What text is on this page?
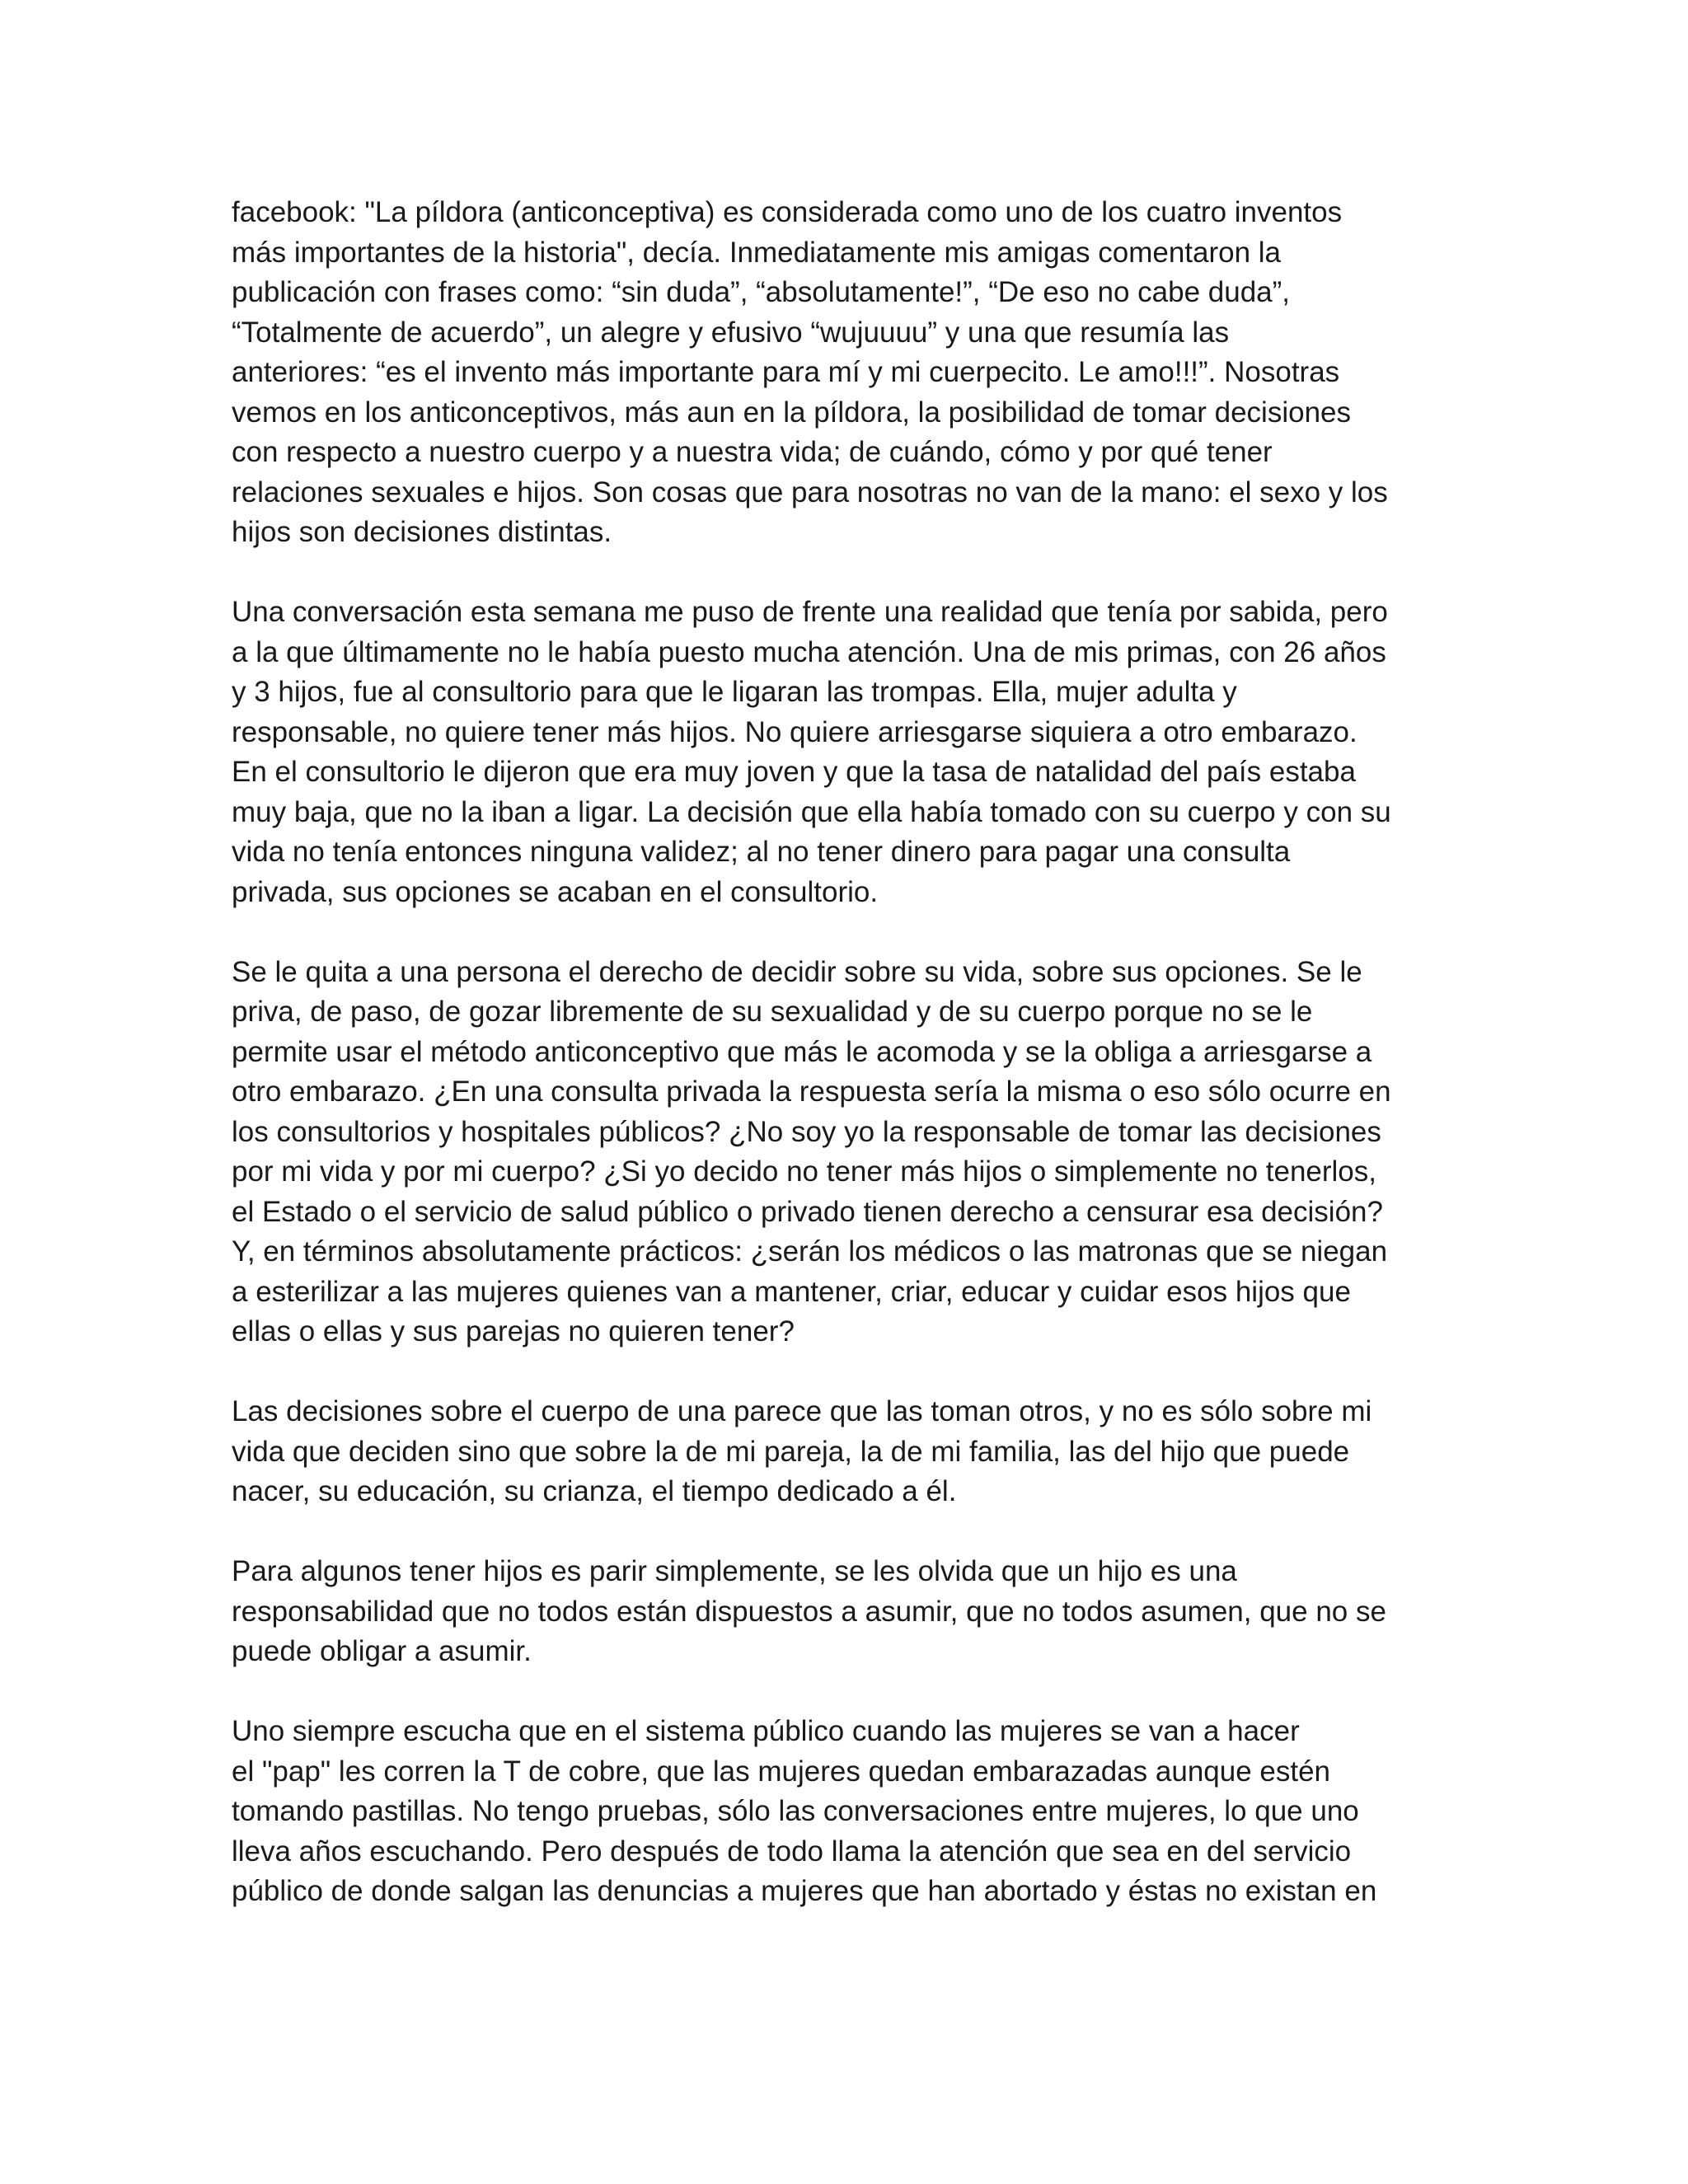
facebook: "La píldora (anticonceptiva) es considerada como uno de los cuatro inventos
más importantes de la historia", decía. Inmediatamente mis amigas comentaron la
publicación con frases como: “sin duda”, “absolutamente!”, “De eso no cabe duda”,
“Totalmente de acuerdo”, un alegre y efusivo “wujuuuu” y una que resumía las
anteriores: “es el invento más importante para mí y mi cuerpecito. Le amo!!!”. Nosotras
vemos en los anticonceptivos, más aun en la píldora, la posibilidad de tomar decisiones
con respecto a nuestro cuerpo y a nuestra vida; de cuándo, cómo y por qué tener
relaciones sexuales e hijos. Son cosas que para nosotras no van de la mano: el sexo y los
hijos son decisiones distintas.

Una conversación esta semana me puso de frente una realidad que tenía por sabida, pero
a la que últimamente no le había puesto mucha atención. Una de mis primas, con 26 años
y 3 hijos, fue al consultorio para que le ligaran las trompas. Ella, mujer adulta y
responsable, no quiere tener más hijos. No quiere arriesgarse siquiera a otro embarazo.
En el consultorio le dijeron que era muy joven y que la tasa de natalidad del país estaba
muy baja, que no la iban a ligar. La decisión que ella había tomado con su cuerpo y con su
vida no tenía entonces ninguna validez; al no tener dinero para pagar una consulta
privada, sus opciones se acaban en el consultorio.

Se le quita a una persona el derecho de decidir sobre su vida, sobre sus opciones. Se le
priva, de paso, de gozar libremente de su sexualidad y de su cuerpo porque no se le
permite usar el método anticonceptivo que más le acomoda y se la obliga a arriesgarse a
otro embarazo. ¿En una consulta privada la respuesta sería la misma o eso sólo ocurre en
los consultorios y hospitales públicos? ¿No soy yo la responsable de tomar las decisiones
por mi vida y por mi cuerpo? ¿Si yo decido no tener más hijos o simplemente no tenerlos,
el Estado o el servicio de salud público o privado tienen derecho a censurar esa decisión?
Y, en términos absolutamente prácticos: ¿serán los médicos o las matronas que se niegan
a esterilizar a las mujeres quienes van a mantener, criar, educar y cuidar esos hijos que
ellas o ellas y sus parejas no quieren tener?

Las decisiones sobre el cuerpo de una parece que las toman otros, y no es sólo sobre mi
vida que deciden sino que sobre la de mi pareja, la de mi familia, las del hijo que puede
nacer, su educación, su crianza, el tiempo dedicado a él.

Para algunos tener hijos es parir simplemente, se les olvida que un hijo es una
responsabilidad que no todos están dispuestos a asumir, que no todos asumen, que no se
puede obligar a asumir.

Uno siempre escucha que en el sistema público cuando las mujeres se van a hacer
el "pap" les corren la T de cobre, que las mujeres quedan embarazadas aunque estén
tomando pastillas. No tengo pruebas, sólo las conversaciones entre mujeres, lo que uno
lleva años escuchando. Pero después de todo llama la atención que sea en del servicio
público de donde salgan las denuncias a mujeres que han abortado y éstas no existan en
